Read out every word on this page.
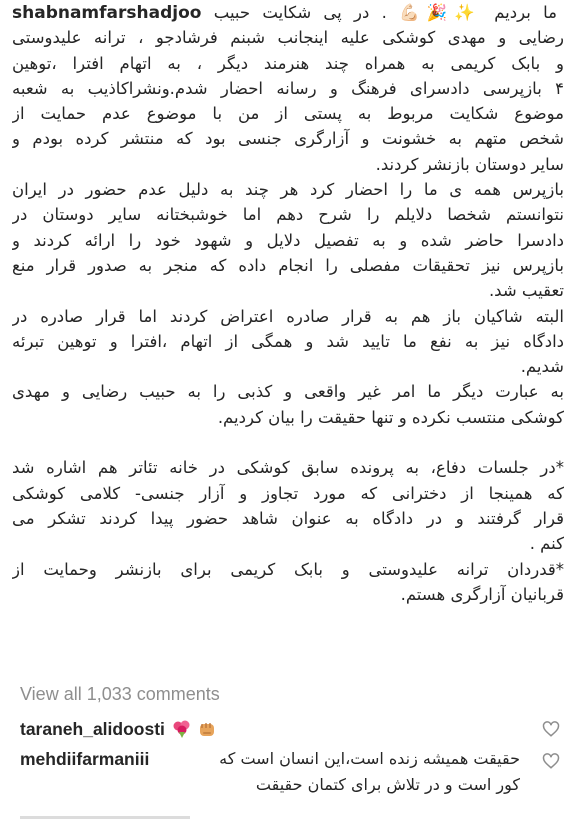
ما بردیم ✨🎉💪🏻 . در پی شکایت حبیب shabnamfarshadjoo
رضایی و مهدی کوشکی علیه اینجانب شبنم فرشادجو ، ترانه علیدوستی
و بابک کریمی به همراه چند هنرمند دیگر ، به اتهام افترا ،توهین
۴ بازپرسی دادسرای فرهنگ و رسانه احضار شدم.ونشراکاذیب به شعبه
موضوع شکایت مربوط به پستی از من با موضوع عدم حمایت از
شخص متهم به خشونت و آزارگری جنسی بود که منتشر کرده بودم و
سایر دوستان بازنشر کردند.
بازپرس همه ی ما را احضار کرد هر چند به دلیل عدم حضور در ایران
نتوانستم شخصا دلایلم را شرح دهم اما خوشبختانه سایر دوستان در
دادسرا حاضر شده و به تفصیل دلایل و شهود خود را ارائه کردند و
بازپرس نیز تحقیقات مفصلی را انجام داده که منجر به صدور قرار منع
تعقیب شد.
البته شاکیان باز هم به قرار صادره اعتراض کردند اما قرار صادره در
دادگاه نیز به نفع ما تایید شد و همگی از اتهام ،افترا و توهین تبرئه
شدیم.
به عبارت دیگر ما امر غیر واقعی و کذبی را به حبیب رضایی و مهدی
کوشکی منتسب نکرده و تنها حقیقت را بیان کردیم.
*در جلسات دفاع، به پرونده سابق کوشکی در خانه تئاتر هم اشاره شد
که همینجا از دخترانی که مورد تجاوز و آزار جنسی- کلامی کوشکی
قرار گرفتند و در دادگاه به عنوان شاهد حضور پیدا کردند تشکر می
کنم .
*قدردان ترانه علیدوستی و بابک کریمی برای بازنشر وحمایت از
قربانیان آزارگری هستم.
View all 1,033 comments
taraneh_alidoosti
mehdiifarmaniii	حقیقت همیشه زنده است،این انسان است که
کور است و در تلاش برای کتمان حقیقت
